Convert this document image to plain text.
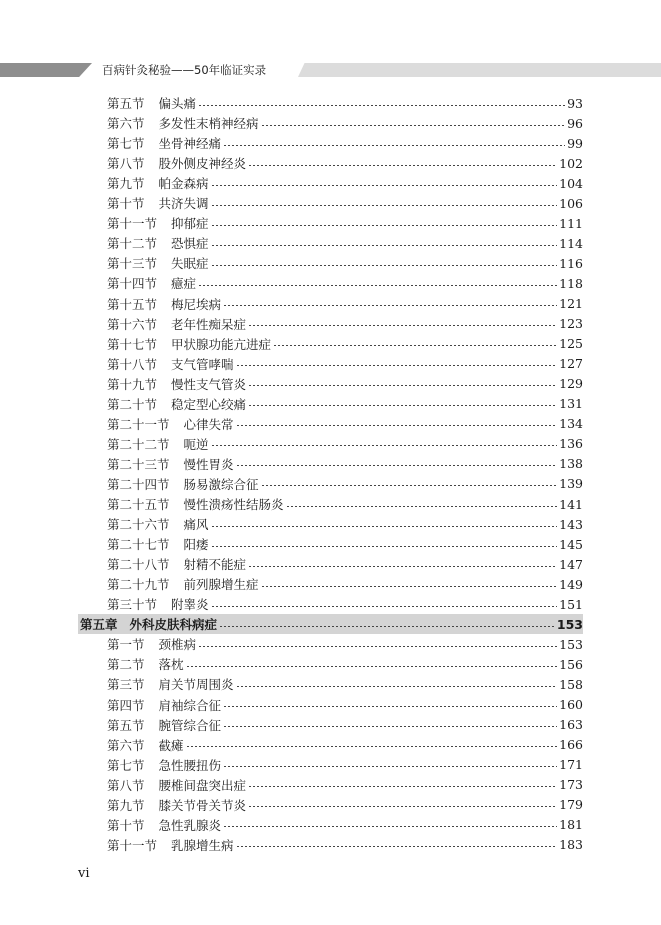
百病针灸秘验——50年临证实录
第五节	偏头痛	93
第六节	多发性末梢神经病	96
第七节	坐骨神经痛	99
第八节	股外侧皮神经炎	102
第九节	帕金森病	104
第十节	共济失调	106
第十一节	抑郁症	111
第十二节	恐惧症	114
第十三节	失眠症	116
第十四节	癔症	118
第十五节	梅尼埃病	121
第十六节	老年性痴呆症	123
第十七节	甲状腺功能亢进症	125
第十八节	支气管哮喘	127
第十九节	慢性支气管炎	129
第二十节	稳定型心绞痛	131
第二十一节	心律失常	134
第二十二节	呃逆	136
第二十三节	慢性胃炎	138
第二十四节	肠易激综合征	139
第二十五节	慢性溃疡性结肠炎	141
第二十六节	痛风	143
第二十七节	阳痿	145
第二十八节	射精不能症	147
第二十九节	前列腺增生症	149
第三十节	附睾炎	151
第五章 外科皮肤科病症	153
第一节	颈椎病	153
第二节	落枕	156
第三节	肩关节周围炎	158
第四节	肩袖综合征	160
第五节	腕管综合征	163
第六节	截瘫	166
第七节	急性腰扭伤	171
第八节	腰椎间盘突出症	173
第九节	膝关节骨关节炎	179
第十节	急性乳腺炎	181
第十一节	乳腺增生病	183
vi
